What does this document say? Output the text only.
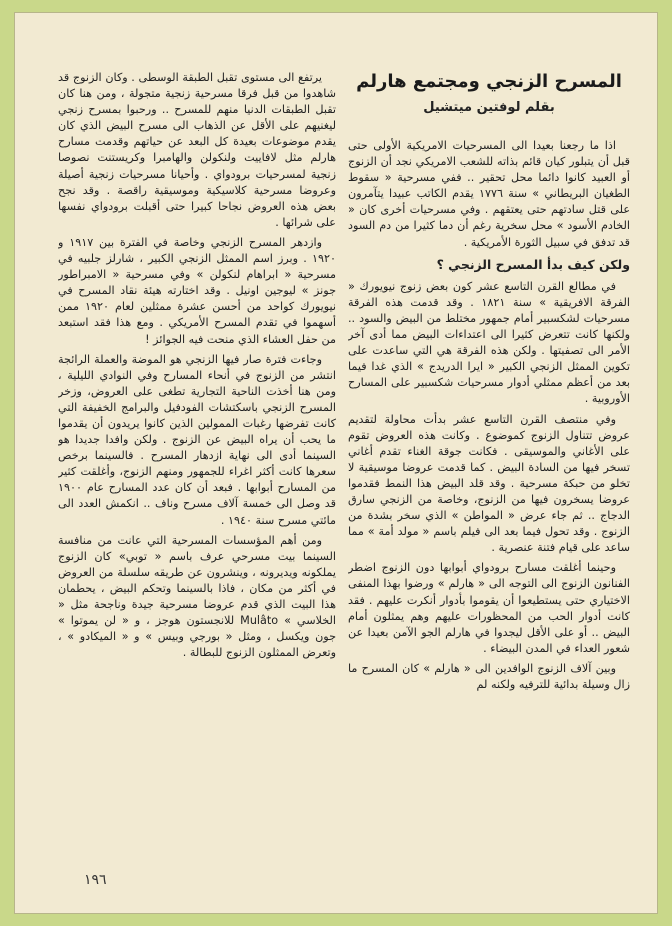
المسرح الزنجي ومجتمع هارلم
بقلم لوفتين ميتشيل

اذا ما رجعنا بعيدا الى المسرحيات الامريكية الأولى حتى قبل أن يتبلور كيان قائم بذاته للشعب الامريكي نجد أن الزنوج أو العبيد كانوا دائما محل تحقير .. ففي مسرحية « سقوط الطغيان البريطاني » سنة ١٧٧٦ يقدم الكاتب عبيدا يتآمرون على قتل سادتهم حتى يعتقهم . وفي مسرحيات أخرى كان « الخادم الأسود » محل سخرية رغم أن دما كثيرا من دم السود قد تدفق في سبيل الثورة الأمريكية .

ولكن كيف بدأ المسرح الزنجي ؟

في مطالع القرن التاسع عشر كون بعض زنوج نيويورك « الفرقة الافريقية » سنة ١٨٢١ . وقد قدمت هذه الفرقة مسرحيات لشكسبير أمام جمهور مختلط من البيض والسود .. ولكنها كانت تتعرض كثيرا الى اعتداءات البيض مما أدى آخر الأمر الى تصفيتها . ولكن هذه الفرقة هي التي ساعدت على تكوين الممثل الزنجي الكبير « ايرا الدريدج » الذي غدا فيما بعد من أعظم ممثلي أدوار مسرحيات شكسبير على المسارح الأوروبية .

وفي منتصف القرن التاسع عشر بدأت محاولة لتقديم عروض تتناول الزنوج كموضوع . وكانت هذه العروض تقوم على الأغاني والموسيقى . فكانت جوقة الغناء تقدم أغاني تسخر فيها من السادة البيض . كما قدمت عروضا موسيقية لا تخلو من حبكة مسرحية . وقد قلد البيض هذا النمط فقدموا عروضا يسخرون فيها من الزنوج، وخاصة من الزنجي سارق الدجاج .. ثم جاء عرض « المواطن » الذي سخر بشدة من الزنوج . وقد تحول فيما بعد الى فيلم باسم « مولد أمة » مما ساعد على قيام فتنة عنصرية .

وحينما أغلقت مسارح برودواي أبوابها دون الزنوج اضطر الفنانون الزنوج الى التوجه الى « هارلم » ورضوا بهذا المنفى الاختياري حتى يستطيعوا أن يقوموا بأدوار أنكرت عليهم . فقد كانت أدوار الحب من المحظورات عليهم وهم يمثلون أمام البيض .. أو على الأقل ليجدوا في هارلم الجو الآمن بعيدا عن شعور العداء في المدن البيضاء .

وبين آلاف الزنوج الوافدين الى « هارلم » كان المسرح ما زال وسيلة بدائية للترفيه ولكنه لم

يرتفع الى مستوى تقبل الطبقة الوسطى . وكان الزنوج قد شاهدوا من قبل فرقا مسرحية زنجية متجولة ، ومن هنا كان تقبل الطبقات الدنيا منهم للمسرح .. ورحبوا بمسرح زنجي ليغنيهم على الأقل عن الذهاب الى مسرح البيض الذي كان يقدم موضوعات بعيدة كل البعد عن حياتهم وقدمت مسارح هارلم مثل لافاييت ولنكولن والهامبرا وكريستنت نصوصا زنجية لمسرحيات برودواي . وأحيانا مسرحيات زنجية أصيلة وعروضا مسرحية كلاسيكية وموسيقية راقصة . وقد نجح بعض هذه العروض نجاحا كبيرا حتى أقبلت برودواي نفسها على شرائها .

وازدهر المسرح الزنجي وخاصة في الفترة بين ١٩١٧ و ١٩٢٠ . وبرز اسم الممثل الزنجي الكبير ، شارلز جلبيه في مسرحية « ابراهام لنكولن » وفي مسرحية « الامبراطور جونز » ليوجين اونيل . وقد اختارته هيئة نقاد المسرح في نيويورك كواحد من أحسن عشرة ممثلين لعام ١٩٢٠ ممن أسهموا في تقدم المسرح الأمريكي . ومع هذا فقد استبعد من حفل العشاء الذي منحت فيه الجوائز !

وجاءت فترة صار فيها الزنجي هو الموضة والعملة الرائجة انتشر من الزنوج في أنحاء المسارح وفي النوادي الليلية ، ومن هنا أخذت الناحية التجارية تطغى على العروض، وزخر المسرح الزنجي باسكتشات الفودفيل والبرامج الخفيفة التي كانت تفرضها رغبات الممولين الذين كانوا يريدون أن يقدموا ما يحب أن يراه البيض عن الزنوج . ولكن وافدا جديدا هو السينما أدى الى نهاية ازدهار المسرح . فالسينما برخص سعرها كانت أكثر اغراء للجمهور ومنهم الزنوج، وأغلقت كثير من المسارح أبوابها . فبعد أن كان عدد المسارح عام ١٩٠٠ قد وصل الى خمسة آلاف مسرح وناف .. انكمش العدد الى مائتي مسرح سنة ١٩٤٠ .

ومن أهم المؤسسات المسرحية التي عانت من منافسة السينما بيت مسرحي عرف باسم « توبي» كان الزنوج يملكونه ويديرونه ، وينشرون عن طريقه سلسلة من العروض في أكثر من مكان ، فاذا بالسينما وتحكم البيض ، يحطمان هذا البيت الذي قدم عروضا مسرحية جيدة وناجحة مثل « الخلاسي » Mulâto للانجستون هوجز ، و « لن يموتوا » جون ويكسل ، ومثل « بورجي وبيس » و « الميكادو » ، وتعرض الممثلون الزنوج للبطالة .

١٩٦
